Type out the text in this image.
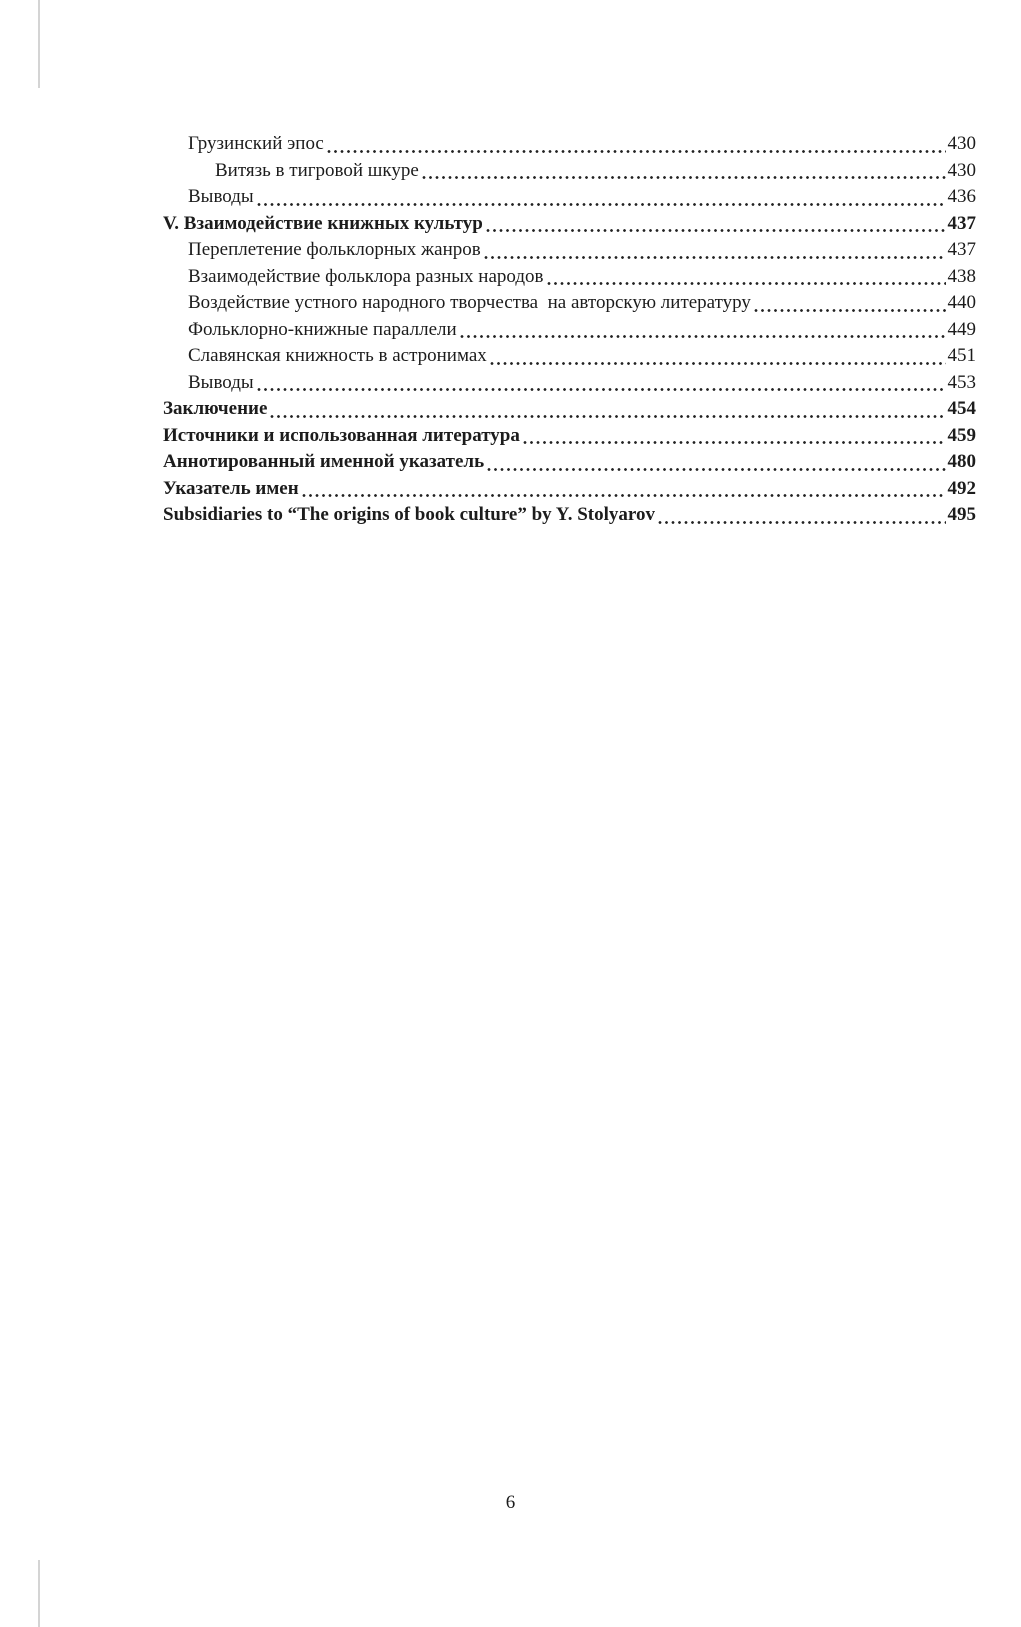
Грузинский эпос	430
Витязь в тигровой шкуре	430
Выводы	436
V. Взаимодействие книжных культур	437
Переплетение фольклорных жанров	437
Взаимодействие фольклора разных народов	438
Воздействие устного народного творчества  на авторскую литературу	440
Фольклорно-книжные параллели	449
Славянская книжность в астронимах	451
Выводы	453
Заключение	454
Источники и использованная литература	459
Аннотированный именной указатель	480
Указатель имен	492
Subsidiaries to “The origins of book culture” by Y. Stolyarov	495
6
